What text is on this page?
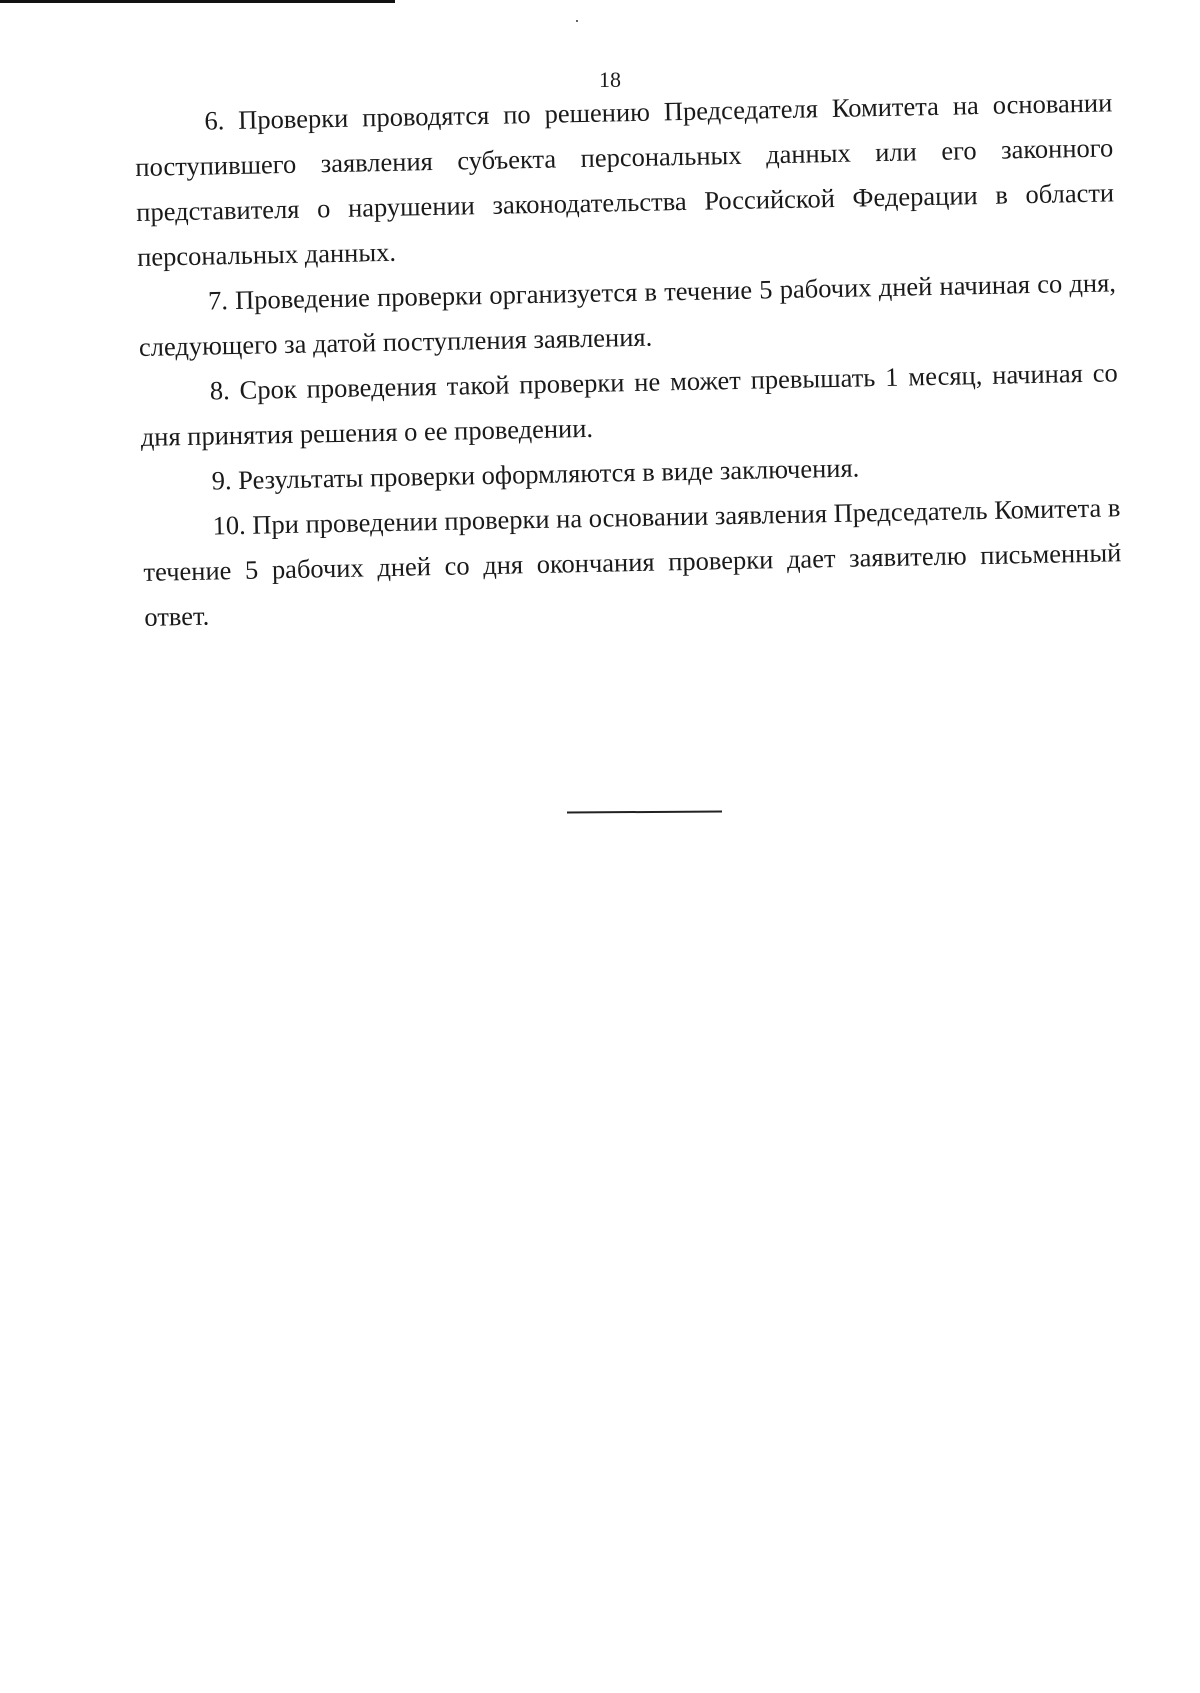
18

6. Проверки проводятся по решению Председателя Комитета на основании поступившего заявления субъекта персональных данных или его законного представителя о нарушении законодательства Российской Федерации в области персональных данных.

7. Проведение проверки организуется в течение 5 рабочих дней начиная со дня, следующего за датой поступления заявления.

8. Срок проведения такой проверки не может превышать 1 месяц, начиная со дня принятия решения о ее проведении.

9. Результаты проверки оформляются в виде заключения.

10. При проведении проверки на основании заявления Председатель Комитета в течение 5 рабочих дней со дня окончания проверки дает заявителю письменный ответ.
